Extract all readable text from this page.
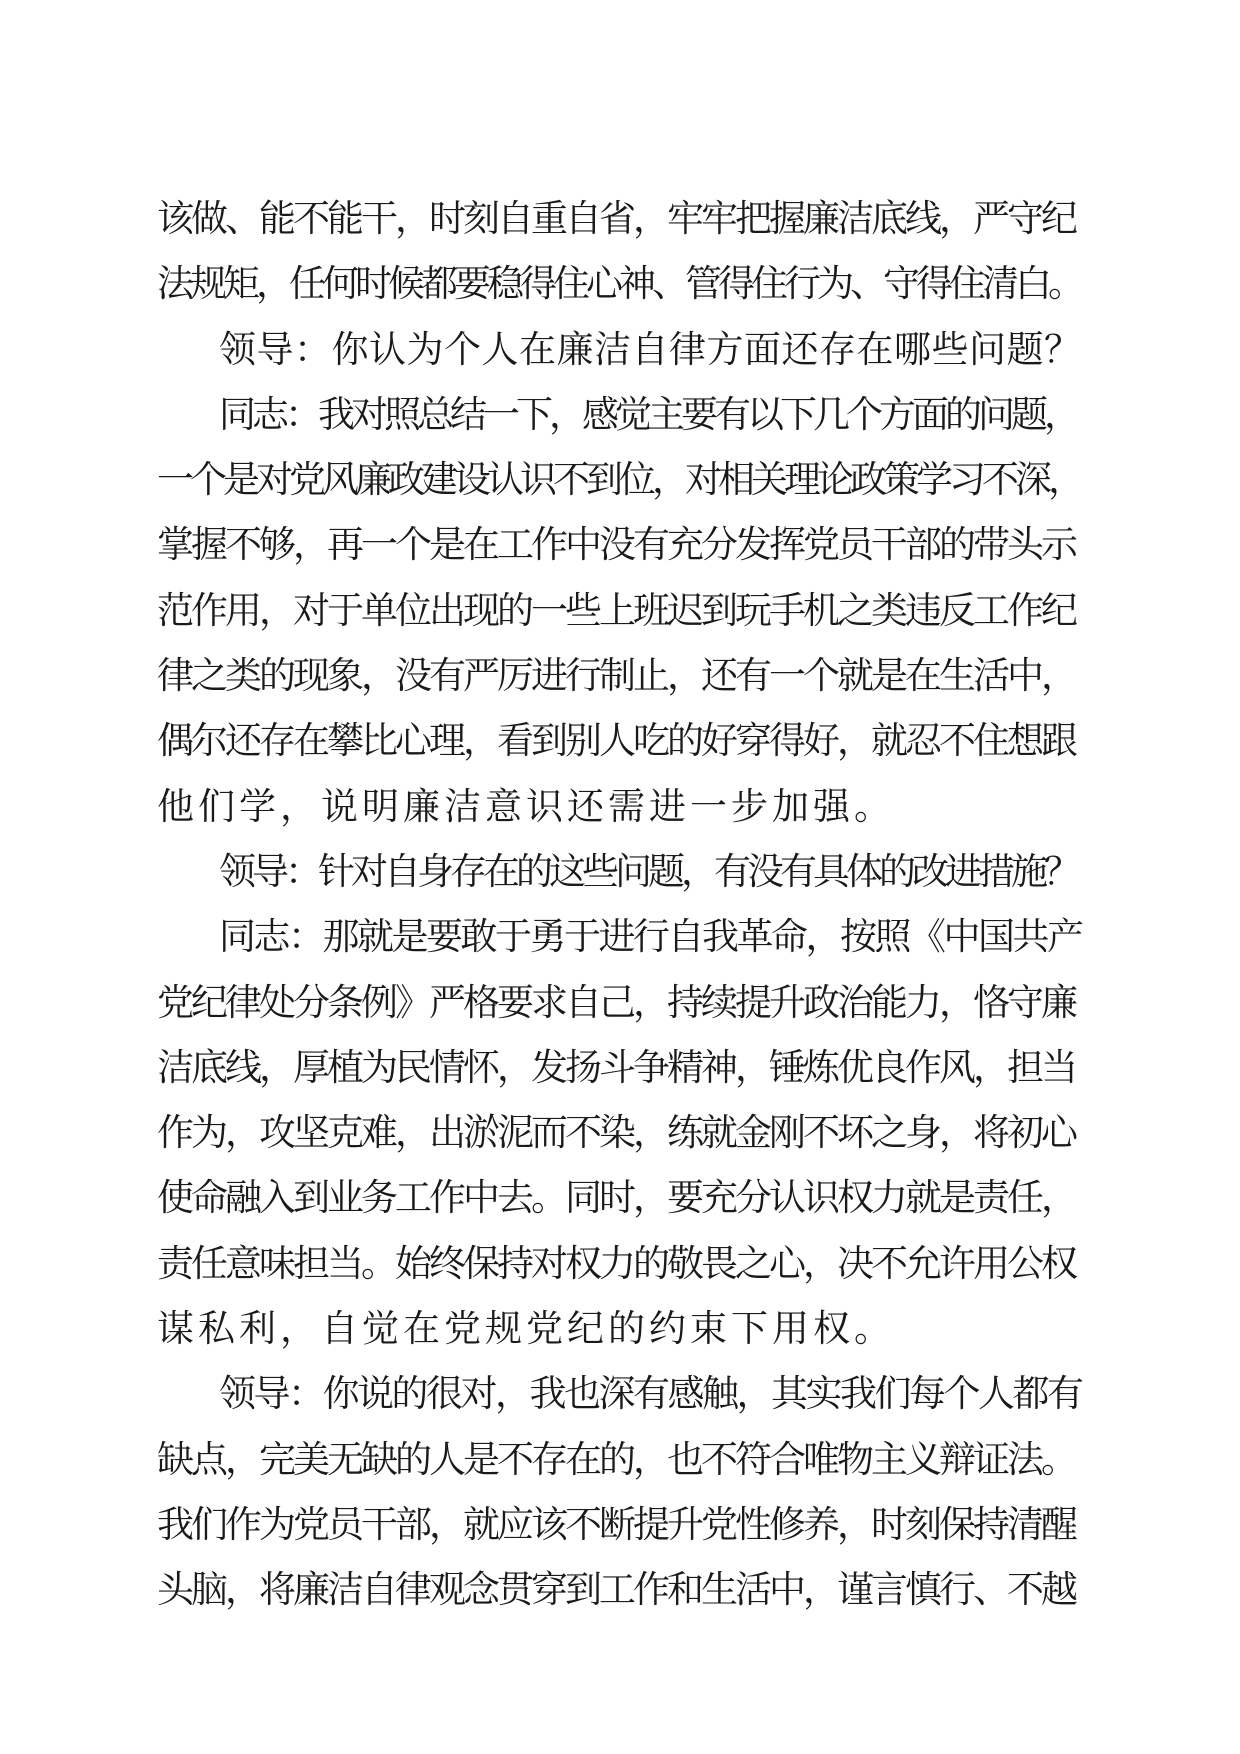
该做、能不能干，时刻自重自省，牢牢把握廉洁底线，严守纪
法规矩，任何时候都要稳得住心神、管得住行为、守得住清白。
领导：你认为个人在廉洁自律方面还存在哪些问题？
同志：我对照总结一下，感觉主要有以下几个方面的问题，
一个是对党风廉政建设认识不到位，对相关理论政策学习不深，
掌握不够，再一个是在工作中没有充分发挥党员干部的带头示
范作用，对于单位出现的一些上班迟到玩手机之类违反工作纪
律之类的现象，没有严厉进行制止，还有一个就是在生活中，
偶尔还存在攀比心理，看到别人吃的好穿得好，就忍不住想跟
他们学，说明廉洁意识还需进一步加强。
领导：针对自身存在的这些问题，有没有具体的改进措施？
同志：那就是要敢于勇于进行自我革命，按照《中国共产
党纪律处分条例》严格要求自己，持续提升政治能力，恪守廉
洁底线，厚植为民情怀，发扬斗争精神，锤炼优良作风，担当
作为，攻坚克难，出淤泥而不染，练就金刚不坏之身，将初心
使命融入到业务工作中去。同时，要充分认识权力就是责任，
责任意味担当。始终保持对权力的敬畏之心，决不允许用公权
谋私利，自觉在党规党纪的约束下用权。
领导：你说的很对，我也深有感触，其实我们每个人都有
缺点，完美无缺的人是不存在的，也不符合唯物主义辩证法。
我们作为党员干部，就应该不断提升党性修养，时刻保持清醒
头脑，将廉洁自律观念贯穿到工作和生活中，谨言慎行、不越
